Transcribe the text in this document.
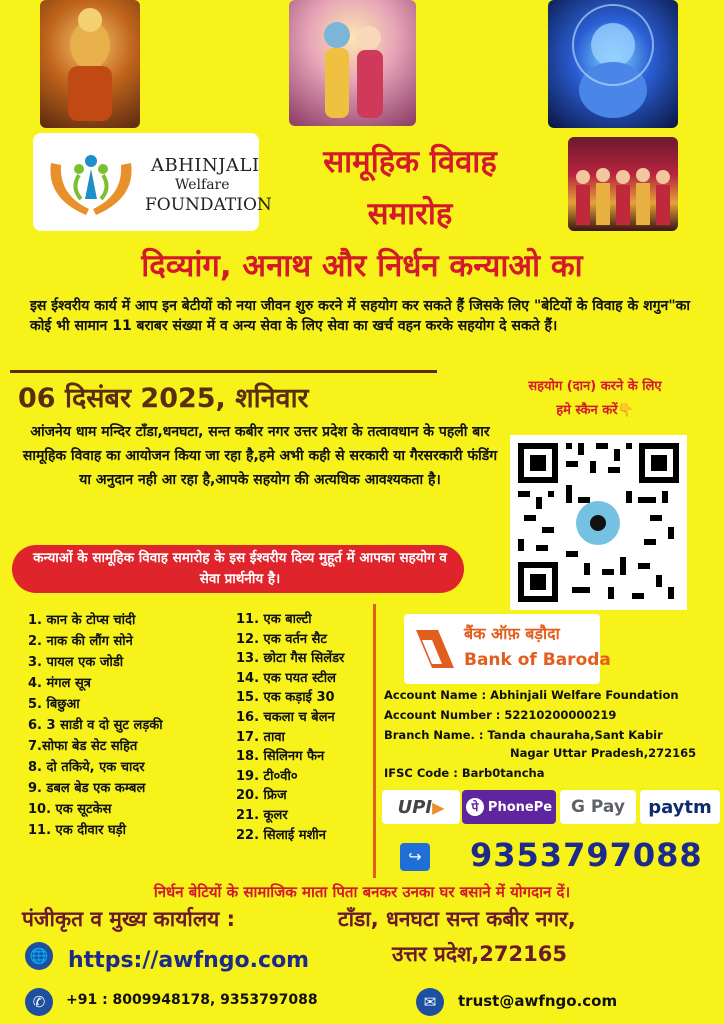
ABHINJALI
Welfare
FOUNDATION
सामूहिक विवाह
समारोह
दिव्यांग, अनाथ और निर्धन कन्याओ का
इस ईश्वरीय कार्य में आप इन बेटीयों को नया जीवन शुरु करने में सहयोग कर सकते हैं जिसके लिए "बेटियों के विवाह के शगुन"का कोई भी सामान 11 बराबर संख्या में व अन्य सेवा के लिए सेवा का खर्च वहन करके सहयोग दे सकते हैं।
06 दिसंबर 2025, शनिवार	सहयोग (दान) करने के लिए
हमे स्कैन करें👇
आंजनेय धाम मन्दिर टाँडा,धनघटा, सन्त कबीर नगर उत्तर प्रदेश के तत्वावधान के पहली बार सामूहिक विवाह का आयोजन किया जा रहा है,हमे अभी कही से सरकारी या गैरसरकारी फंडिंग या अनुदान नही आ रहा है,आपके सहयोग की अत्यधिक आवश्यकता है।
कन्याओं के सामूहिक विवाह समारोह के इस ईश्वरीय दिव्य मुहूर्त में आपका सहयोग व सेवा प्रार्थनीय है।
1. कान के टोप्स चांदी
2. नाक की लौंग सोने
3. पायल एक जोडी
4. मंगल सूत्र
5. बिछुआ
6. 3 साडी व दो सुट लड़की
7.सोफा बेड सेट सहित
8. दो तकिये, एक चादर
9. डबल बेड एक कम्बल
10. एक सूटकेस
11. एक दीवार घड़ी
11. एक बाल्टी
12. एक वर्तन सैट
13. छोटा गैस सिलेंडर
14. एक पयत स्टील
15. एक कड़ाई 30
16. चकला च बेलन
17. तावा
18. सिलिनग फैन
19. टी०वी०
20. फ्रिज
21. कूलर
22. सिलाई मशीन
बैंक ऑफ़ बड़ौदा
Bank of Baroda
Account Name : Abhinjali Welfare Foundation
Account Number : 52210200000219
Branch Name. : Tanda chauraha,Sant Kabir
Nagar Uttar Pradesh,272165
IFSC Code : Barb0tancha
UPI ▶	पे PhonePe G Pay paytm
↪ 9353797088
निर्धन बेटियों के सामाजिक माता पिता बनकर उनका घर बसाने में योगदान दें।
पंजीकृत व मुख्य कार्यालय :	टाँडा, धनघटा सन्त कबीर नगर,
उत्तर प्रदेश,272165
🌐 https://awfngo.com
✆	+91 : 8009948178, 9353797088	✉	trust@awfngo.com
